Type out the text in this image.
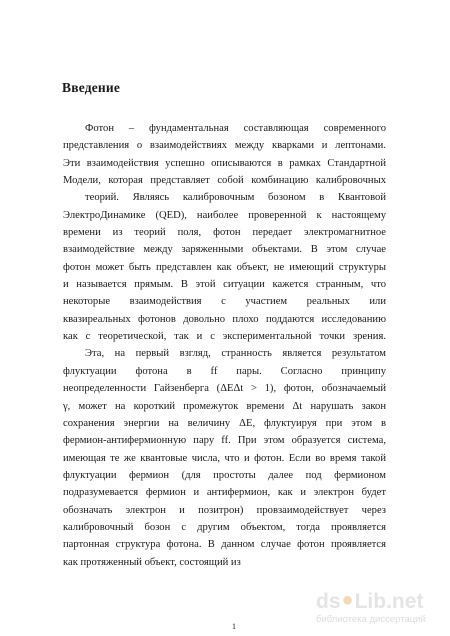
Введение
Фотон – фундаментальная составляющая современного
представления о взаимодействиях между кварками и лептонами.
Эти взаимодействия успешно описываются в рамках Стандартной
Модели, которая представляет собой комбинацию калибровочных
теорий. Являясь калибровочным бозоном в Квантовой
ЭлектроДинамике (QED), наиболее проверенной к настоящему
времени из теорий поля, фотон передает электромагнитное
взаимодействие между заряженными объектами. В этом случае
фотон может быть представлен как объект, не имеющий структуры
и называется прямым. В этой ситуации кажется странным, что
некоторые взаимодействия с участием реальных или
квазиреальных фотонов довольно плохо поддаются исследованию
как с теоретической, так и с экспериментальной точки зрения.
Эта, на первый взгляд, странность является результатом
флуктуации фотона в ff пары. Согласно принципу
неопределенности Гайзенберга (ΔEΔt > 1), фотон, обозначаемый
γ, может на короткий промежуток времени Δt нарушать закон
сохранения энергии на величину ΔE, флуктуируя при этом в
фермион-антифермионную пару ff. При этом образуется система,
имеющая те же квантовые числа, что и фотон. Если во время такой
флуктуации фермион (для простоты далее под фермионом
подразумевается фермион и антифермион, как и электрон будет
обозначать электрон и позитрон) провзаимодействует через
калибровочный бозон с другим объектом, тогда проявляется
партонная структура фотона. В данном случае фотон проявляется
как протяженный объект, состоящий из
1
ds ● Lib.net
библиотека диссертаций
